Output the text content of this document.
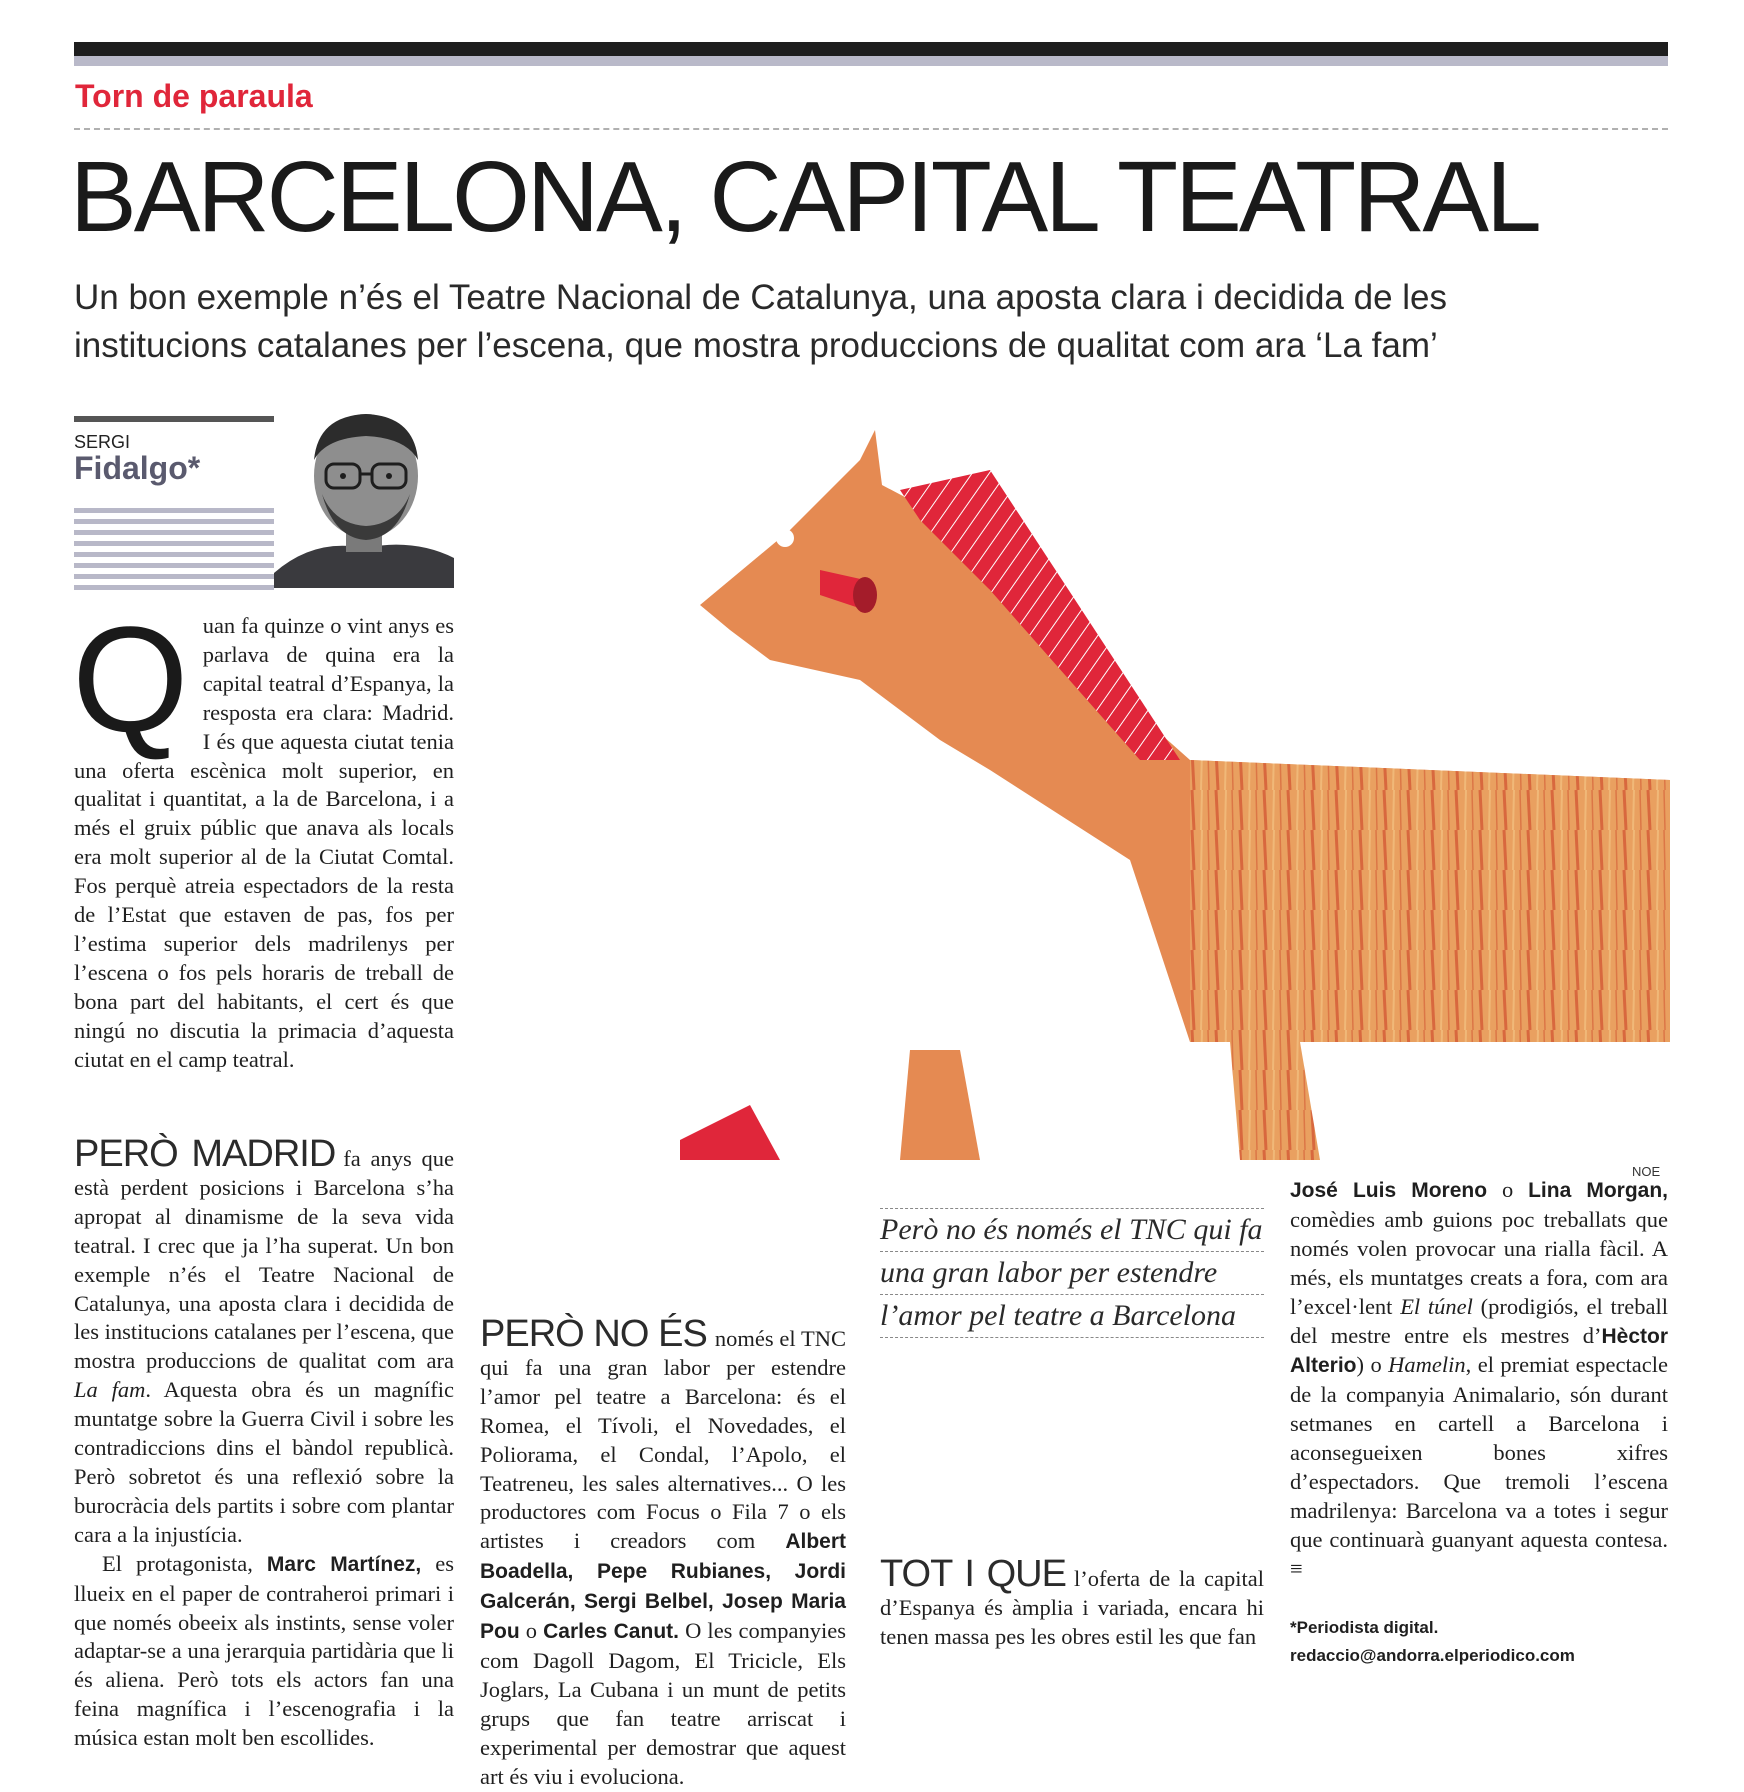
Torn de paraula
BARCELONA, CAPITAL TEATRAL
Un bon exemple n’és el Teatre Nacional de Catalunya, una aposta clara i decidida de les
institucions catalanes per l’escena, que mostra produccions de qualitat com ara ‘La fam’
SERGI
Fidalgo*
NOE

Quan fa quinze o vint anys es parlava de quina era la capital teatral d’Espanya, la resposta era clara: Madrid. I és que aquesta ciutat tenia una oferta escènica molt superior, en qualitat i quantitat, a la de Barcelona, i a més el gruix públic que anava als locals era molt superior al de la Ciutat Comtal. Fos perquè atreia espectadors de la resta de l’Estat que estaven de pas, fos per l’estima superior dels madrilenys per l’escena o fos pels horaris de treball de bona part del habitants, el cert és que ningú no discutia la primacia d’aquesta ciutat en el camp teatral.

PERÒ MADRID fa anys que està perdent posicions i Barcelona s’ha apropat al dinamisme de la seva vida teatral. I crec que ja l’ha superat. Un bon exemple n’és el Teatre Nacional de Catalunya, una aposta clara i decidida de les institucions catalanes per l’escena, que mostra produccions de qualitat com ara La fam. Aquesta obra és un magnífic muntatge sobre la Guerra Civil i sobre les contradiccions dins el bàndol republicà. Però sobretot és una reflexió sobre la burocràcia dels partits i sobre com plantar cara a la injustícia.

El protagonista, Marc Martínez, es llueix en el paper de contraheroi primari i que només obeeix als instints, sense voler adaptar-se a una jerarquia partidària que li és aliena. Però tots els actors fan una feina magnífica i l’escenografia i la música estan molt ben escollides.

PERÒ NO ÉS només el TNC qui fa una gran labor per estendre l’amor pel teatre a Barcelona: és el Romea, el Tívoli, el Novedades, el Poliorama, el Condal, l’Apolo, el Teatreneu, les sales alternatives... O les productores com Focus o Fila 7 o els artistes i creadors com Albert Boadella, Pepe Rubianes, Jordi Galcerán, Sergi Belbel, Josep Maria Pou o Carles Canut. O les companyies com Dagoll Dagom, El Tricicle, Els Joglars, La Cubana i un munt de petits grups que fan teatre arriscat i experimental per demostrar que aquest art és viu i evoluciona.

Però no és només el TNC qui fa
una gran labor per estendre
l’amor pel teatre a Barcelona

TOT I QUE l’oferta de la capital d’Espanya és àmplia i variada, encara hi tenen massa pes les obres estil les que fan

José Luis Moreno o Lina Morgan, comèdies amb guions poc treballats que només volen provocar una rialla fàcil. A més, els muntatges creats a fora, com ara l’excel·lent El túnel (prodigiós, el treball del mestre entre els mestres d’Hèctor Alterio) o Hamelin, el premiat espectacle de la companyia Animalario, són durant setmanes en cartell a Barcelona i aconsegueixen bones xifres d’espectadors. Que tremoli l’escena madrilenya: Barcelona va a totes i segur que continuarà guanyant aquesta contesa. ≡

*Periodista digital.
redaccio@andorra.elperiodico.com
